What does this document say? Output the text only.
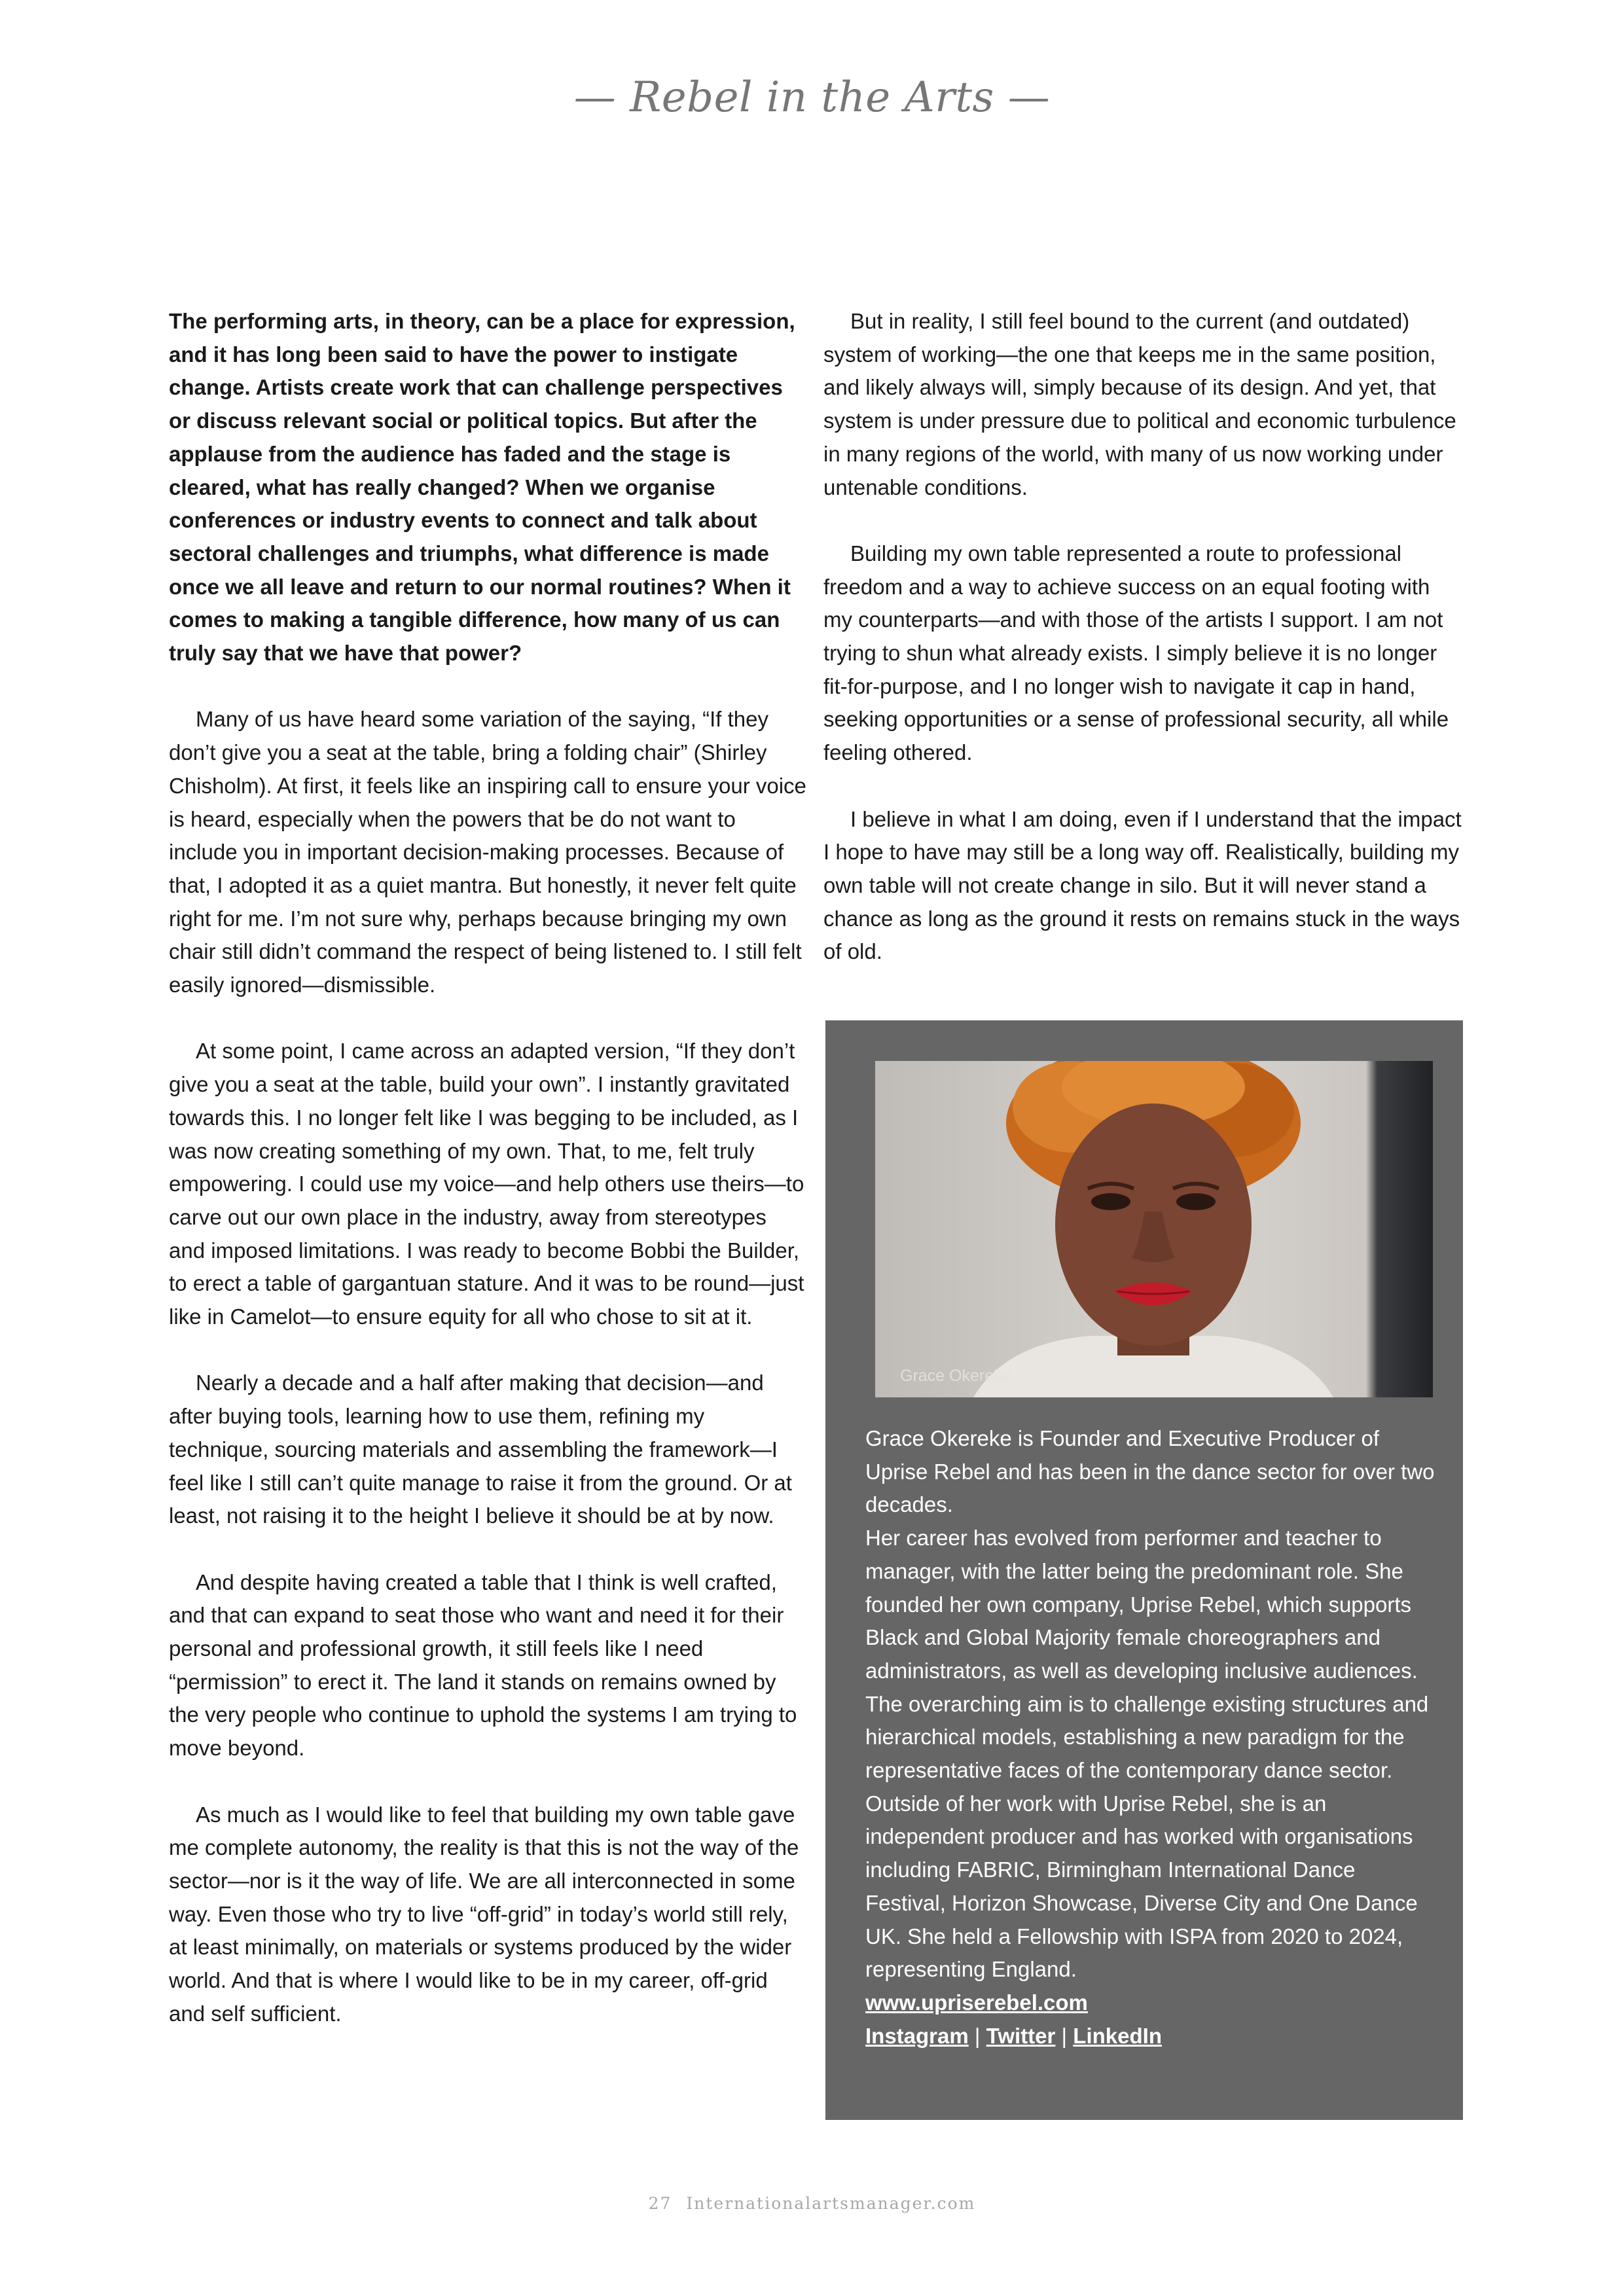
— Rebel in the Arts —

The performing arts, in theory, can be a place for expression, and it has long been said to have the power to instigate change. Artists create work that can challenge perspectives or discuss relevant social or political topics. But after the applause from the audience has faded and the stage is cleared, what has really changed? When we organise conferences or industry events to connect and talk about sectoral challenges and triumphs, what difference is made once we all leave and return to our normal routines? When it comes to making a tangible difference, how many of us can truly say that we have that power?

Many of us have heard some variation of the saying, “If they don’t give you a seat at the table, bring a folding chair” (Shirley Chisholm). At first, it feels like an inspiring call to ensure your voice is heard, especially when the powers that be do not want to include you in important decision-making processes. Because of that, I adopted it as a quiet mantra. But honestly, it never felt quite right for me. I’m not sure why, perhaps because bringing my own chair still didn’t command the respect of being listened to. I still felt easily ignored—dismissible.

At some point, I came across an adapted version, “If they don’t give you a seat at the table, build your own”. I instantly gravitated towards this. I no longer felt like I was begging to be included, as I was now creating something of my own. That, to me, felt truly empowering. I could use my voice—and help others use theirs—to carve out our own place in the industry, away from stereotypes and imposed limitations. I was ready to become Bobbi the Builder, to erect a table of gargantuan stature. And it was to be round—just like in Camelot—to ensure equity for all who chose to sit at it.

Nearly a decade and a half after making that decision—and after buying tools, learning how to use them, refining my technique, sourcing materials and assembling the framework—I feel like I still can’t quite manage to raise it from the ground. Or at least, not raising it to the height I believe it should be at by now.

And despite having created a table that I think is well crafted, and that can expand to seat those who want and need it for their personal and professional growth, it still feels like I need “permission” to erect it. The land it stands on remains owned by the very people who continue to uphold the systems I am trying to move beyond.

As much as I would like to feel that building my own table gave me complete autonomy, the reality is that this is not the way of the sector—nor is it the way of life. We are all interconnected in some way. Even those who try to live “off-grid” in today’s world still rely, at least minimally, on materials or systems produced by the wider world. And that is where I would like to be in my career, off-grid and self sufficient.

But in reality, I still feel bound to the current (and outdated) system of working—the one that keeps me in the same position, and likely always will, simply because of its design. And yet, that system is under pressure due to political and economic turbulence in many regions of the world, with many of us now working under untenable conditions.

Building my own table represented a route to professional freedom and a way to achieve success on an equal footing with my counterparts—and with those of the artists I support. I am not trying to shun what already exists. I simply believe it is no longer fit-for-purpose, and I no longer wish to navigate it cap in hand, seeking opportunities or a sense of professional security, all while feeling othered.

I believe in what I am doing, even if I understand that the impact I hope to have may still be a long way off. Realistically, building my own table will not create change in silo. But it will never stand a chance as long as the ground it rests on remains stuck in the ways of old.

Grace Okereke

Grace Okereke is Founder and Executive Producer of Uprise Rebel and has been in the dance sector for over two decades.

Her career has evolved from performer and teacher to manager, with the latter being the predominant role. She founded her own company, Uprise Rebel, which supports Black and Global Majority female choreographers and administrators, as well as developing inclusive audiences. The overarching aim is to challenge existing structures and hierarchical models, establishing a new paradigm for the representative faces of the contemporary dance sector. Outside of her work with Uprise Rebel, she is an independent producer and has worked with organisations including FABRIC, Birmingham International Dance Festival, Horizon Showcase, Diverse City and One Dance UK. She held a Fellowship with ISPA from 2020 to 2024, representing England.

www.upriserebel.com

Instagram | Twitter | LinkedIn

27 Internationalartsmanager.com
